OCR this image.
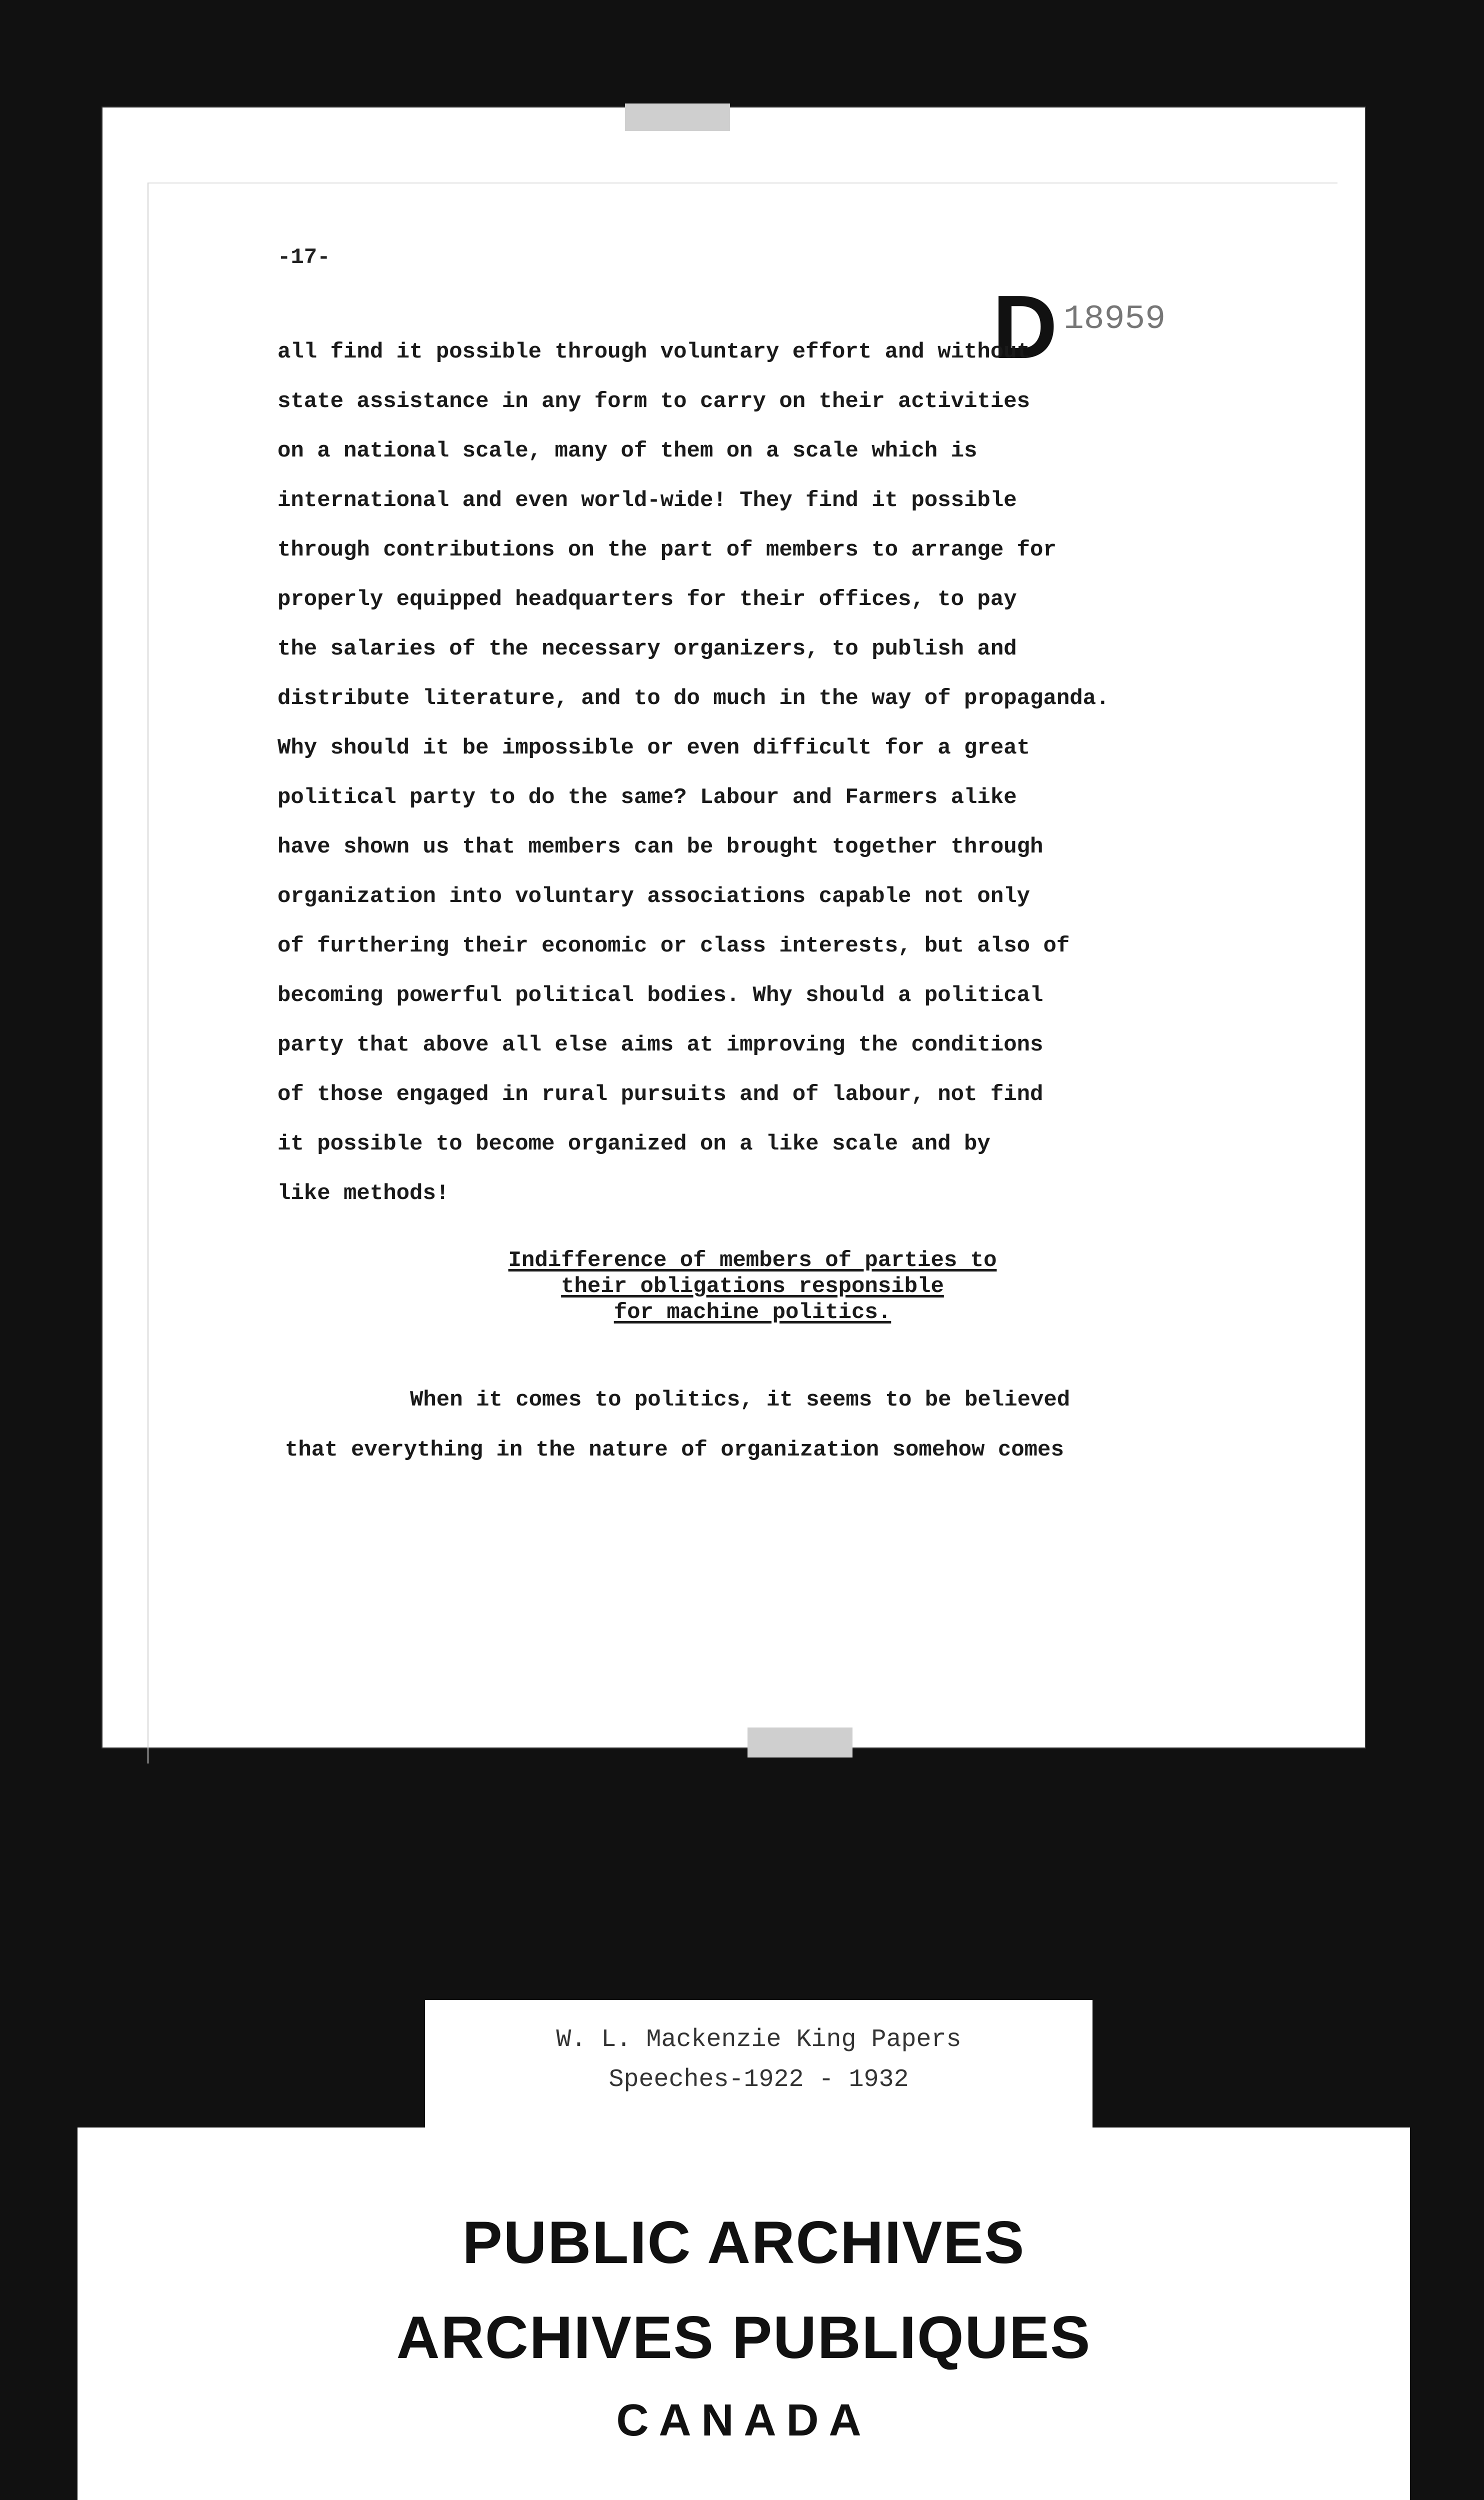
D 18959
-17-
all find it possible through voluntary effort and without
state assistance in any form to carry on their activities
on a national scale, many of them on a scale which is
international and even world-wide! They find it possible
through contributions on the part of members to arrange for
properly equipped headquarters for their offices, to pay
the salaries of the necessary organizers, to publish and
distribute literature, and to do much in the way of propaganda.
Why should it be impossible or even difficult for a great
political party to do the same? Labour and Farmers alike
have shown us that members can be brought together through
organization into voluntary associations capable not only
of furthering their economic or class interests, but also of
becoming powerful political bodies. Why should a political
party that above all else aims at improving the conditions
of those engaged in rural pursuits and of labour, not find
it possible to become organized on a like scale and by
like methods!
Indifference of members of parties to
their obligations responsible
for machine politics.
When it comes to politics, it seems to be believed
that everything in the nature of organization somehow comes
W. L. Mackenzie King Papers
Speeches-1922 - 1932
PUBLIC ARCHIVES
ARCHIVES PUBLIQUES
CANADA
